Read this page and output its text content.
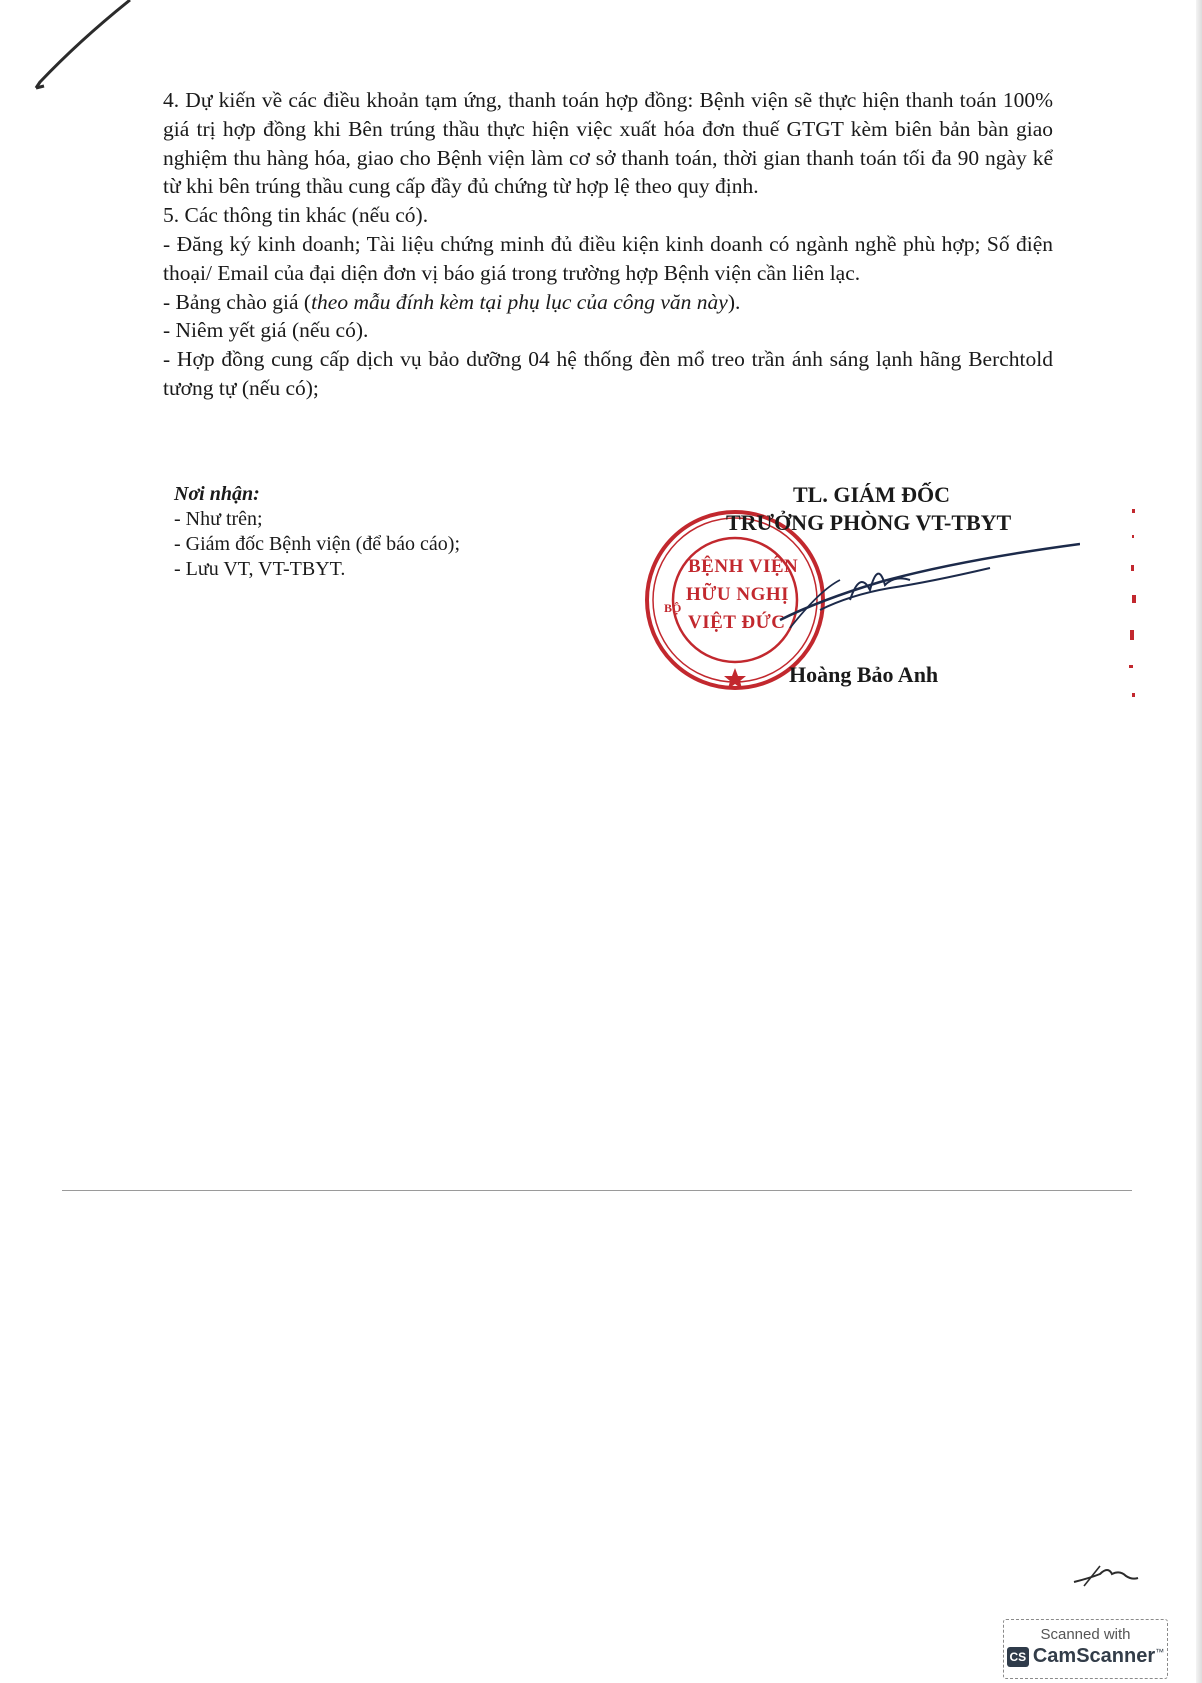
4. Dự kiến về các điều khoản tạm ứng, thanh toán hợp đồng: Bệnh viện sẽ thực hiện thanh toán 100% giá trị hợp đồng khi Bên trúng thầu thực hiện việc xuất hóa đơn thuế GTGT kèm biên bản bàn giao nghiệm thu hàng hóa, giao cho Bệnh viện làm cơ sở thanh toán, thời gian thanh toán tối đa 90 ngày kể từ khi bên trúng thầu cung cấp đầy đủ chứng từ hợp lệ theo quy định.

5. Các thông tin khác (nếu có).

- Đăng ký kinh doanh; Tài liệu chứng minh đủ điều kiện kinh doanh có ngành nghề phù hợp; Số điện thoại/ Email của đại diện đơn vị báo giá trong trường hợp Bệnh viện cần liên lạc.

- Bảng chào giá (theo mẫu đính kèm tại phụ lục của công văn này).

- Niêm yết giá (nếu có).

- Hợp đồng cung cấp dịch vụ bảo dưỡng 04 hệ thống đèn mổ treo trần ánh sáng lạnh hãng Berchtold tương tự (nếu có);

Nơi nhận:
- Như trên;
- Giám đốc Bệnh viện (để báo cáo);
- Lưu VT, VT-TBYT.
BỘ
BỆNH VIỆN
HỮU NGHỊ
VIỆT ĐỨC
TL. GIÁM ĐỐC
TRƯỞNG PHÒNG VT-TBYT
Hoàng Bảo Anh
Scanned with
CS CamScanner ™
